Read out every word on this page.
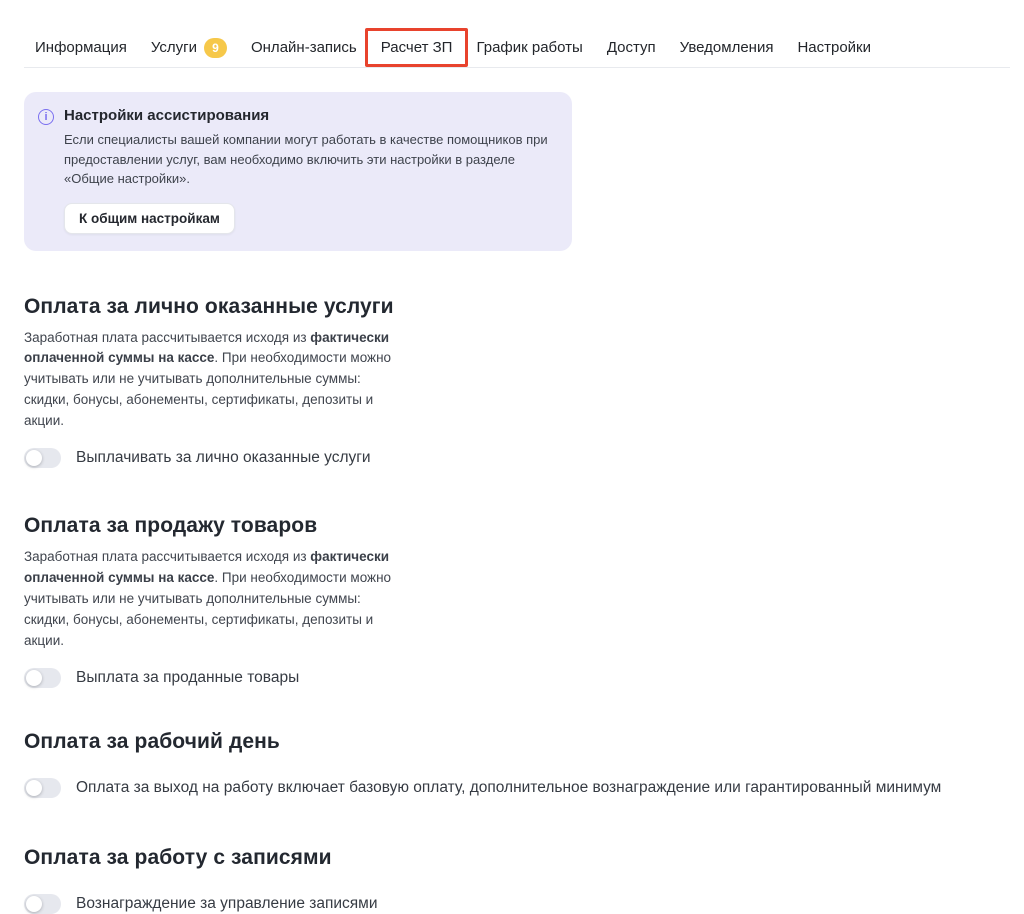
Информация Услуги	9	Онлайн-запись Расчет ЗП График работы Доступ Уведомления Настройки
i	Настройки ассистирования
Если специалисты вашей компании могут работать в качестве помощников при предоставлении услуг, вам необходимо включить эти настройки в разделе «Общие настройки».
К общим настройкам
Оплата за лично оказанные услуги

Заработная плата рассчитывается исходя из фактически оплаченной суммы на кассе. При необходимости можно учитывать или не учитывать дополнительные суммы: скидки, бонусы, абонементы, сертификаты, депозиты и акции.

Выплачивать за лично оказанные услуги
Оплата за продажу товаров

Заработная плата рассчитывается исходя из фактически оплаченной суммы на кассе. При необходимости можно учитывать или не учитывать дополнительные суммы: скидки, бонусы, абонементы, сертификаты, депозиты и акции.

Выплата за проданные товары
Оплата за рабочий день
Оплата за выход на работу включает базовую оплату, дополнительное вознаграждение или гарантированный минимум
Оплата за работу с записями
Вознаграждение за управление записями
